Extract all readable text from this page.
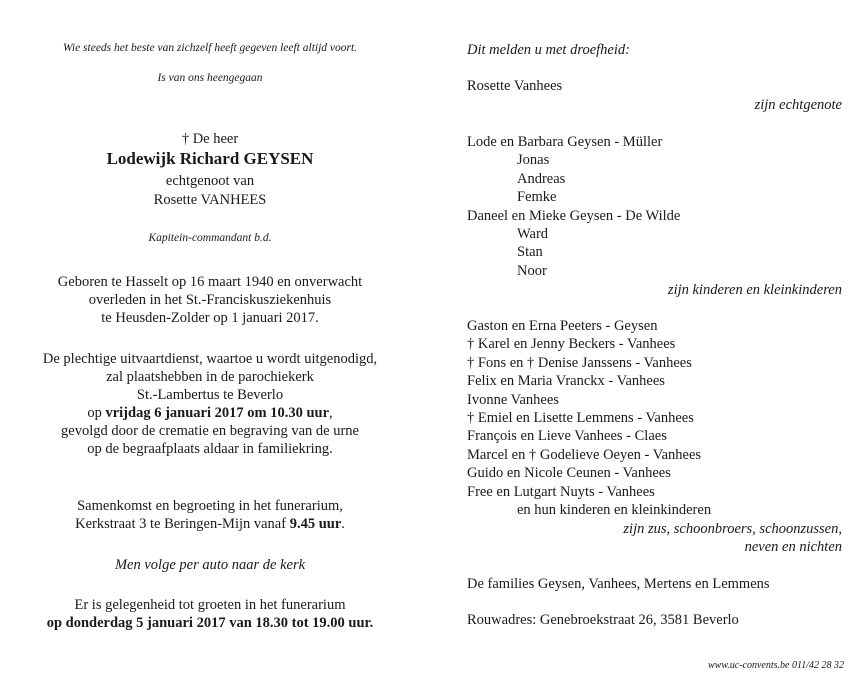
Wie steeds het beste van zichzelf heeft gegeven leeft altijd voort.
Is van ons heengegaan
† De heer
Lodewijk Richard GEYSEN
echtgenoot van
Rosette VANHEES
Kapitein-commandant b.d.
Geboren te Hasselt op 16 maart 1940 en onverwacht
overleden in het St.-Franciskusziekenhuis
te Heusden-Zolder op 1 januari 2017.
De plechtige uitvaartdienst, waartoe u wordt uitgenodigd,
zal plaatshebben in de parochiekerk
St.-Lambertus te Beverlo
op vrijdag 6 januari 2017 om 10.30 uur,
gevolgd door de crematie en begraving van de urne
op de begraafplaats aldaar in familiekring.
Samenkomst en begroeting in het funerarium,
Kerkstraat 3 te Beringen-Mijn vanaf 9.45 uur.
Men volge per auto naar de kerk
Er is gelegenheid tot groeten in het funerarium
op donderdag 5 januari 2017 van 18.30 tot 19.00 uur.
Dit melden u met droefheid:
Rosette Vanhees
zijn echtgenote
Lode en Barbara Geysen - Müller
Jonas
Andreas
Femke
Daneel en Mieke Geysen - De Wilde
Ward
Stan
Noor
zijn kinderen en kleinkinderen
Gaston en Erna Peeters - Geysen
† Karel en Jenny Beckers - Vanhees
† Fons en † Denise Janssens - Vanhees
Felix en Maria Vranckx - Vanhees
Ivonne Vanhees
† Emiel en Lisette Lemmens - Vanhees
François en Lieve Vanhees - Claes
Marcel en † Godelieve Oeyen - Vanhees
Guido en Nicole Ceunen - Vanhees
Free en Lutgart Nuyts - Vanhees
en hun kinderen en kleinkinderen
zijn zus, schoonbroers, schoonzussen,
neven en nichten
De families Geysen, Vanhees, Mertens en Lemmens
Rouwadres: Genebroekstraat 26, 3581 Beverlo
www.uc-convents.be 011/42 28 32
